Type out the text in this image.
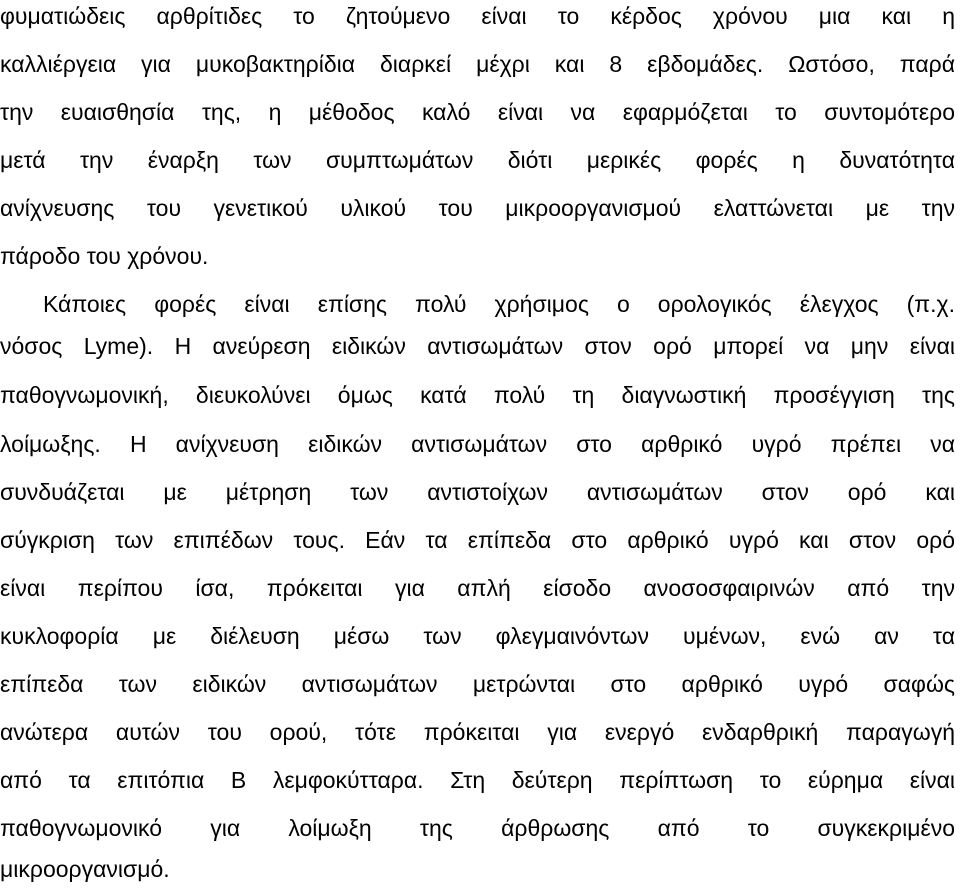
φυματιώδεις αρθρίτιδες το ζητούμενο είναι το κέρδος χρόνου μια και η
καλλιέργεια για μυκοβακτηρίδια διαρκεί μέχρι και 8 εβδομάδες. Ωστόσο, παρά
την ευαισθησία της, η μέθοδος καλό είναι να εφαρμόζεται το συντομότερο
μετά την έναρξη των συμπτωμάτων διότι μερικές φορές η δυνατότητα
ανίχνευσης του γενετικού υλικού του μικροοργανισμού ελαττώνεται με την
πάροδο του χρόνου.
Κάποιες φορές είναι επίσης πολύ χρήσιμος ο ορολογικός έλεγχος (π.χ.
νόσος Lyme). Η ανεύρεση ειδικών αντισωμάτων στον ορό μπορεί να μην είναι
παθογνωμονική, διευκολύνει όμως κατά πολύ τη διαγνωστική προσέγγιση της
λοίμωξης. Η ανίχνευση ειδικών αντισωμάτων στο αρθρικό υγρό πρέπει να
συνδυάζεται με μέτρηση των αντιστοίχων αντισωμάτων στον ορό και
σύγκριση των επιπέδων τους. Εάν τα επίπεδα στο αρθρικό υγρό και στον ορό
είναι περίπου ίσα, πρόκειται για απλή είσοδο ανοσοσφαιρινών από την
κυκλοφορία με διέλευση μέσω των φλεγμαινόντων υμένων, ενώ αν τα
επίπεδα των ειδικών αντισωμάτων μετρώνται στο αρθρικό υγρό σαφώς
ανώτερα αυτών του ορού, τότε πρόκειται για ενεργό ενδαρθρική παραγωγή
από τα επιτόπια Β λεμφοκύτταρα. Στη δεύτερη περίπτωση το εύρημα είναι
παθογνωμονικό για λοίμωξη της άρθρωσης από το συγκεκριμένο
μικροοργανισμό.
